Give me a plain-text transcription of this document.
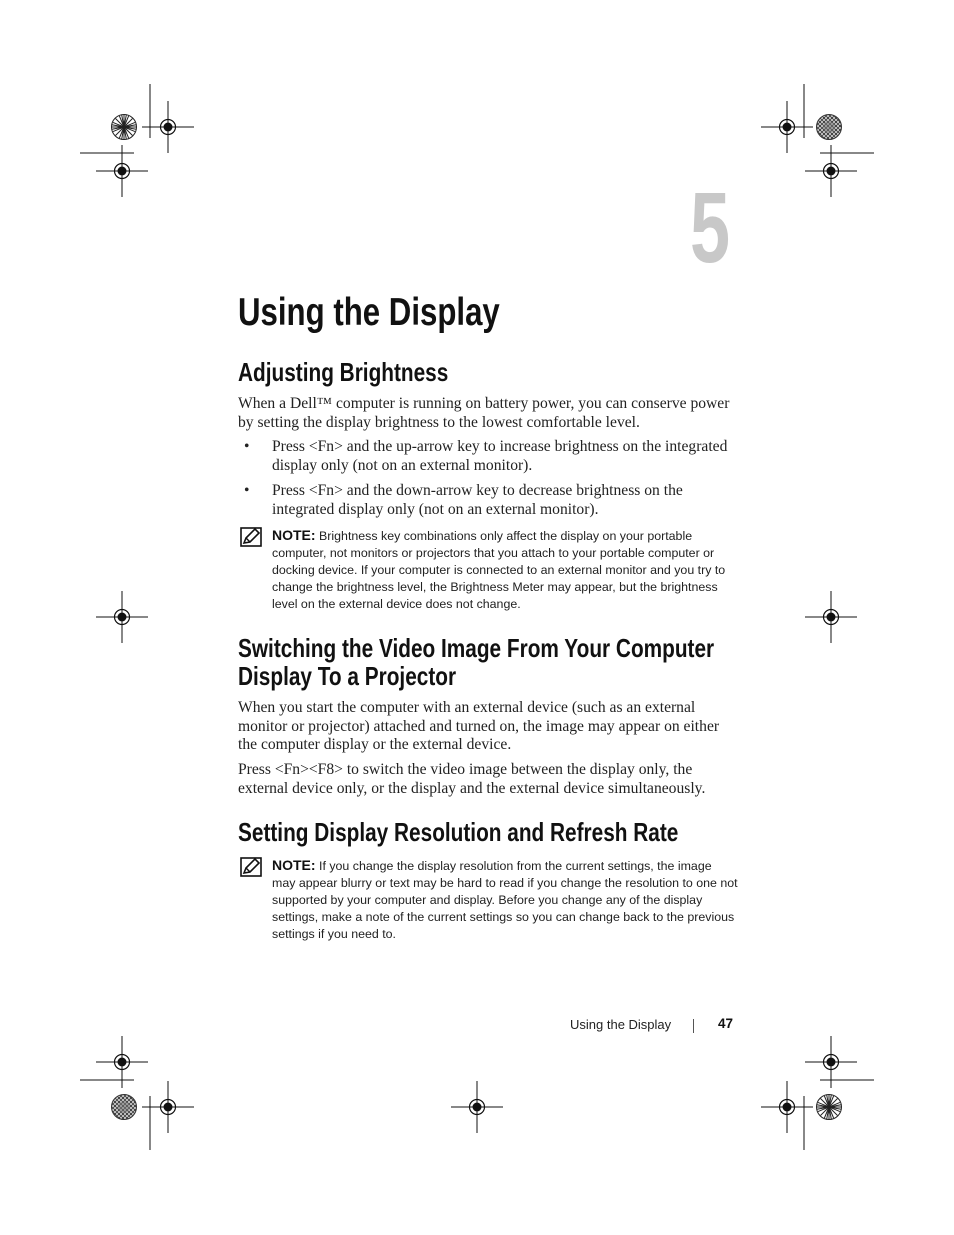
5
Using the Display
Adjusting Brightness

When a Dell™ computer is running on battery power, you can conserve power by setting the display brightness to the lowest comfortable level.

•	Press <Fn> and the up-arrow key to increase brightness on the integrated display only (not on an external monitor).
•	Press <Fn> and the down-arrow key to decrease brightness on the integrated display only (not on an external monitor).
NOTE: Brightness key combinations only affect the display on your portable computer, not monitors or projectors that you attach to your portable computer or docking device. If your computer is connected to an external monitor and you try to change the brightness level, the Brightness Meter may appear, but the brightness level on the external device does not change.
Switching the Video Image From Your Computer
Display To a Projector

When you start the computer with an external device (such as an external monitor or projector) attached and turned on, the image may appear on either the computer display or the external device.

Press <Fn><F8> to switch the video image between the display only, the external device only, or the display and the external device simultaneously.

Setting Display Resolution and Refresh Rate
NOTE: If you change the display resolution from the current settings, the image may appear blurry or text may be hard to read if you change the resolution to one not supported by your computer and display. Before you change any of the display settings, make a note of the current settings so you can change back to the previous settings if you need to.
Using the Display	47
